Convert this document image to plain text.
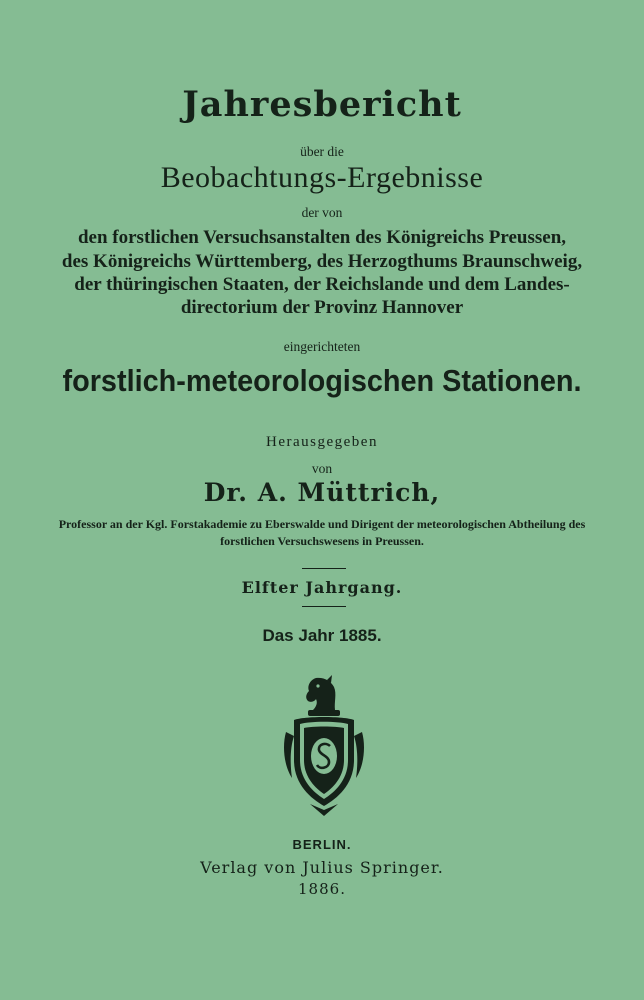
Jahresbericht
über die
Beobachtungs-Ergebnisse
der von
den forstlichen Versuchsanstalten des Königreichs Preussen,
des Königreichs Württemberg, des Herzogthums Braunschweig,
der thüringischen Staaten, der Reichslande und dem Landes-
directorium der Provinz Hannover
eingerichteten
forstlich-meteorologischen Stationen.
Herausgegeben
von
Dr. A. Müttrich,
Professor an der Kgl. Forstakademie zu Eberswalde und Dirigent der meteorologischen Abtheilung des
forstlichen Versuchswesens in Preussen.
Elfter Jahrgang.
Das Jahr 1885.
BERLIN.
Verlag von Julius Springer.
1886.
